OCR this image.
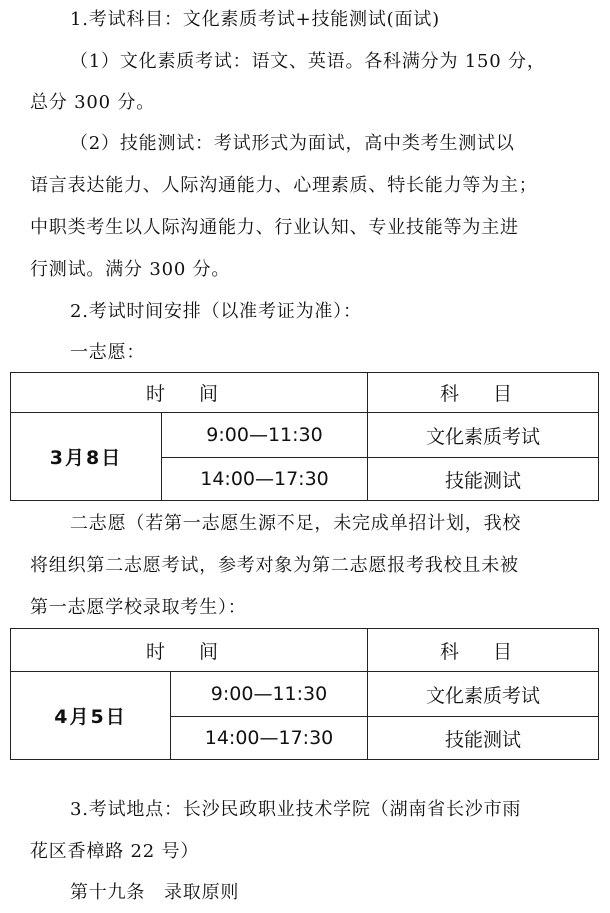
1.考试科目：文化素质考试+技能测试(面试)
（1）文化素质考试：语文、英语。各科满分为 150 分，
总分 300 分。
（2）技能测试：考试形式为面试，高中类考生测试以
语言表达能力、人际沟通能力、心理素质、特长能力等为主；
中职类考生以人际沟通能力、行业认知、专业技能等为主进
行测试。满分 300 分。
2.考试时间安排（以准考证为准）：
一志愿：
时 间		科 目
3月8日	9:00—11:30	文化素质考试
	14:00—17:30	技能测试
二志愿（若第一志愿生源不足，未完成单招计划，我校
将组织第二志愿考试，参考对象为第二志愿报考我校且未被
第一志愿学校录取考生）：
时 间		科 目
4月5日	9:00—11:30	文化素质考试
	14:00—17:30	技能测试
3.考试地点：长沙民政职业技术学院（湖南省长沙市雨
花区香樟路 22 号）
第十九条　录取原则
